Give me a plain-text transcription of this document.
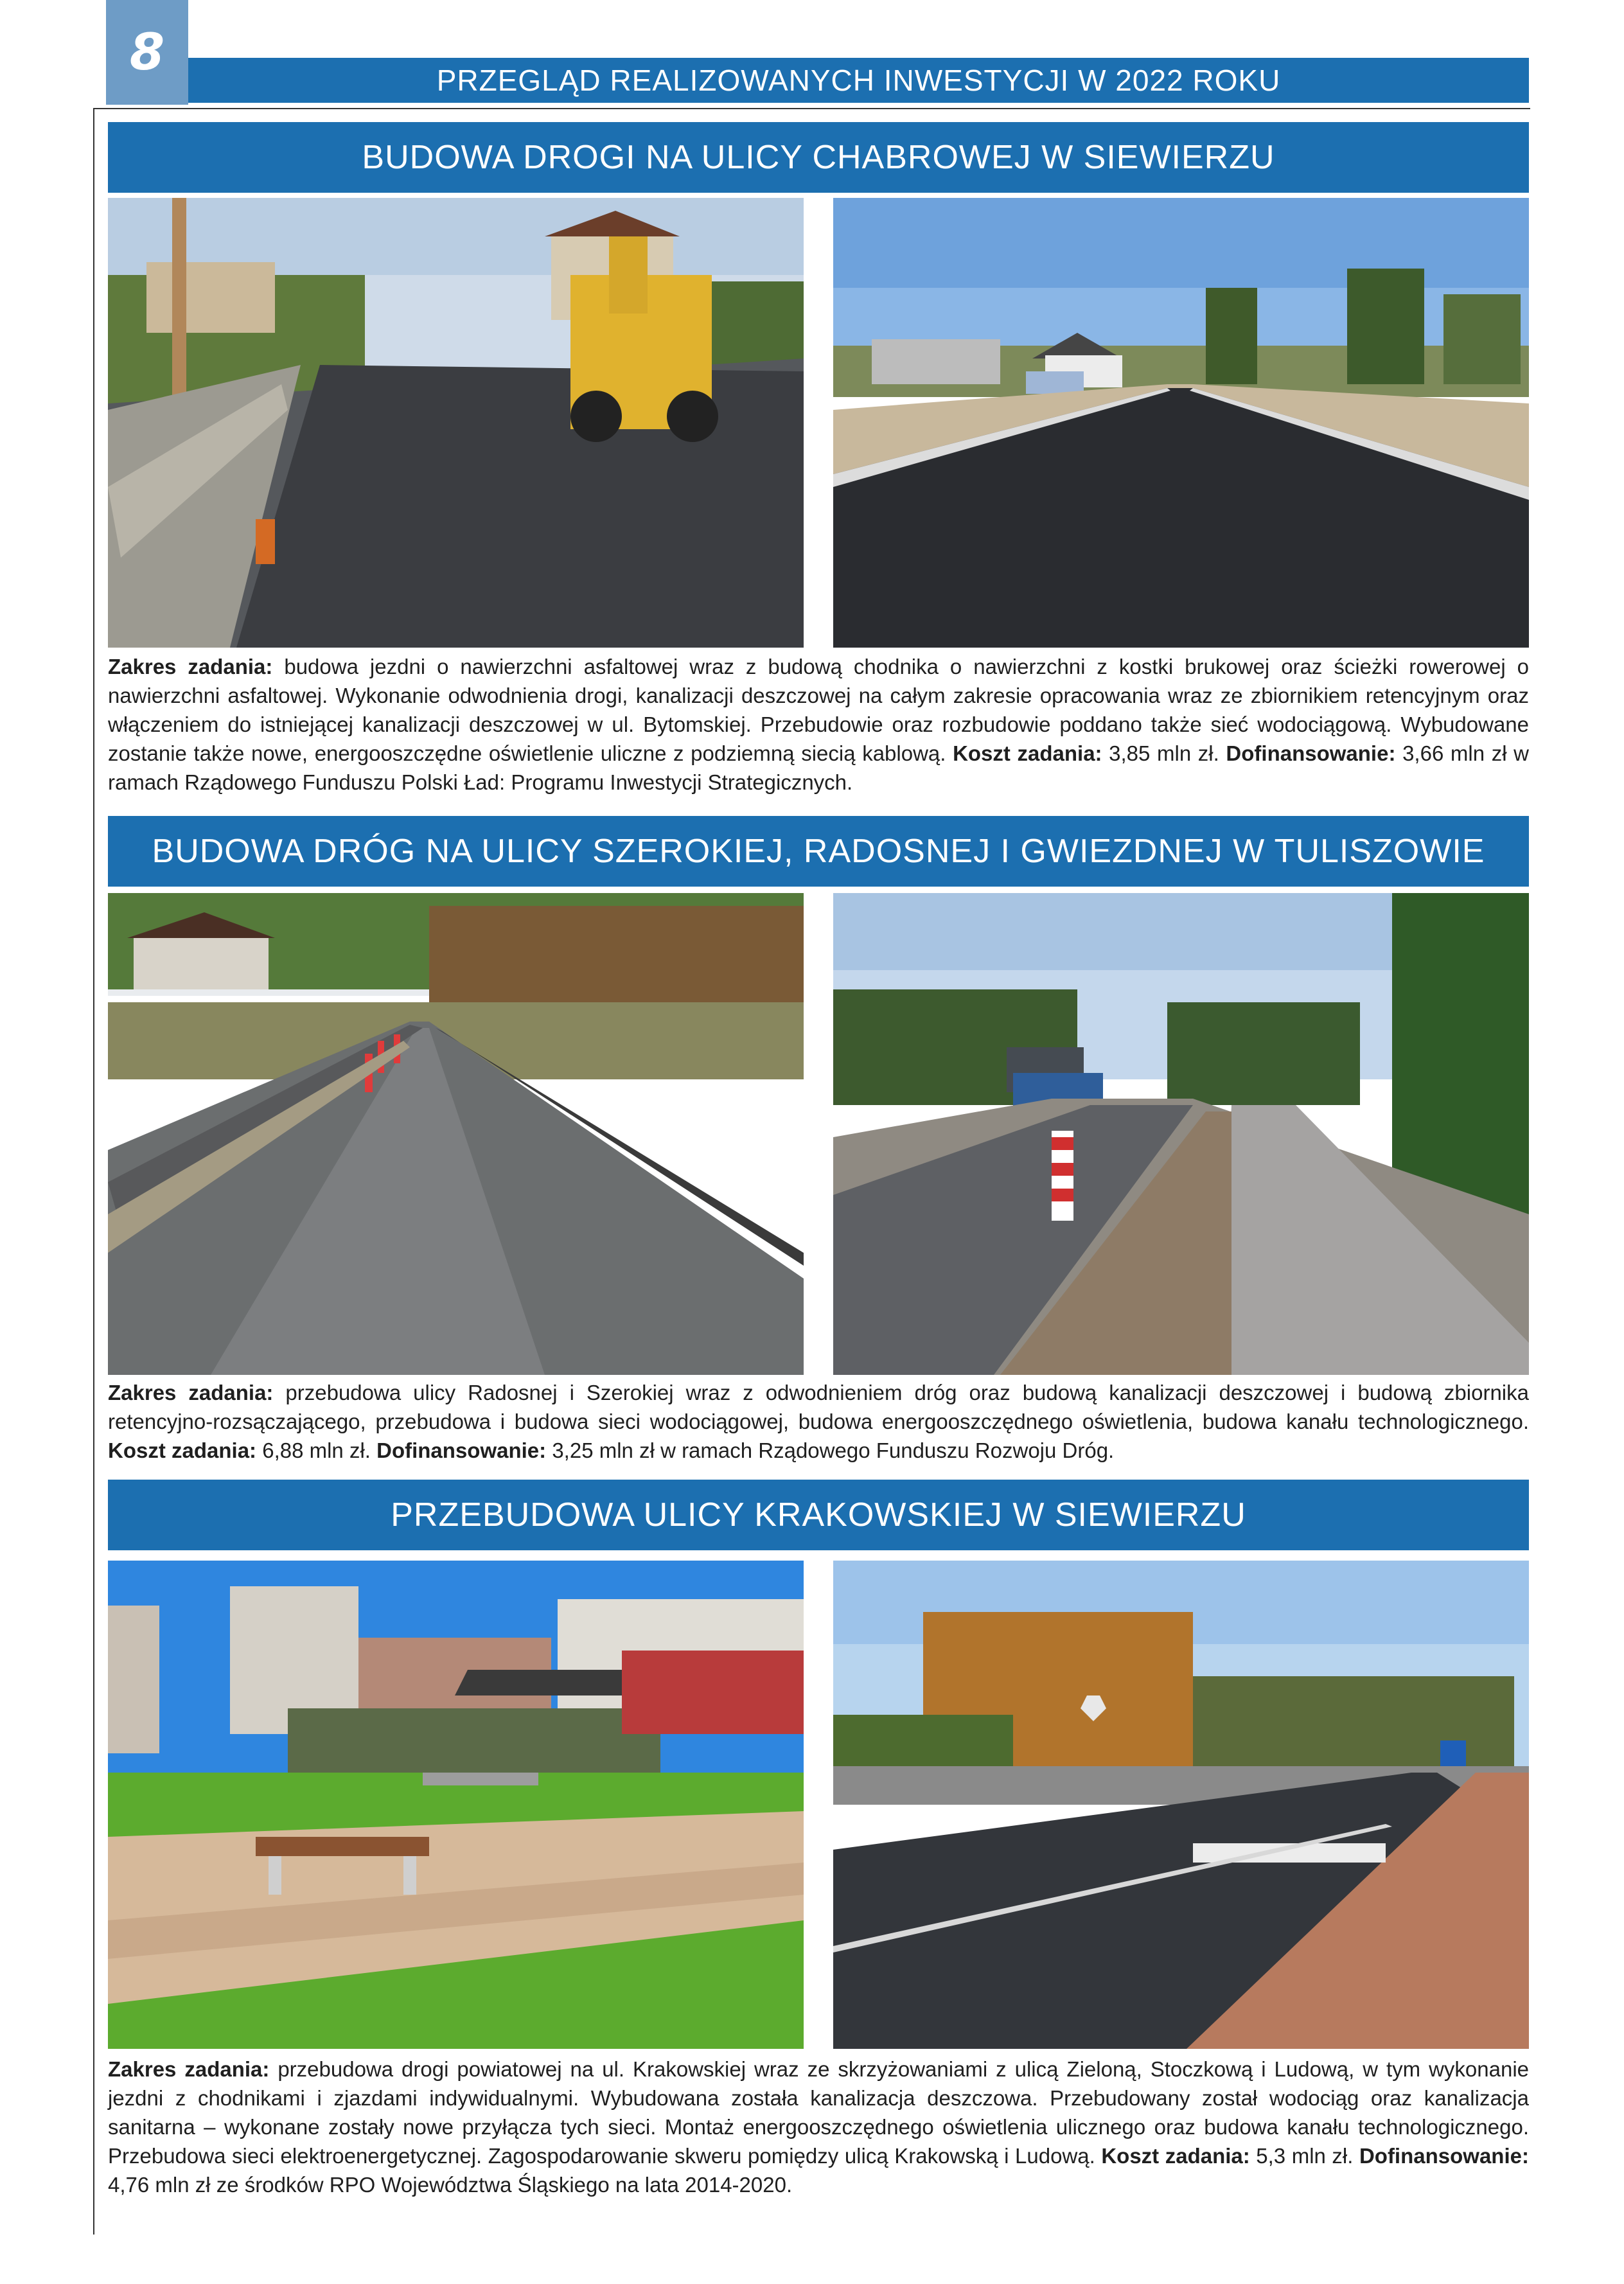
8	PRZEGLĄD REALIZOWANYCH INWESTYCJI W 2022 ROKU
BUDOWA DROGI NA ULICY CHABROWEJ W SIEWIERZU
Zakres zadania: budowa jezdni o nawierzchni asfaltowej wraz z budową chodnika o nawierzchni z kostki brukowej oraz ścieżki rowerowej o nawierzchni asfaltowej. Wykonanie odwodnienia drogi, kanalizacji deszczowej na całym zakresie opracowania wraz ze zbiornikiem retencyjnym oraz włączeniem do istniejącej kanalizacji deszczowej w ul. Bytomskiej. Przebudowie oraz rozbudowie poddano także sieć wodociągową. Wybudowane zostanie także nowe, energooszczędne oświetlenie uliczne z podziemną siecią kablową. Koszt zadania: 3,85 mln zł. Dofinansowanie: 3,66 mln zł w ramach Rządowego Funduszu Polski Ład: Programu Inwestycji Strategicznych.
BUDOWA DRÓG NA ULICY SZEROKIEJ, RADOSNEJ I GWIEZDNEJ W TULISZOWIE
Zakres zadania: przebudowa ulicy Radosnej i Szerokiej wraz z odwodnieniem dróg oraz budową kanalizacji deszczowej i budową zbiornika retencyjno-rozsączającego, przebudowa i budowa sieci wodociągowej, budowa energooszczędnego oświetlenia, budowa kanału technologicznego. Koszt zadania: 6,88 mln zł. Dofinansowanie: 3,25 mln zł w ramach Rządowego Funduszu Rozwoju Dróg.
PRZEBUDOWA ULICY KRAKOWSKIEJ W SIEWIERZU
Zakres zadania: przebudowa drogi powiatowej na ul. Krakowskiej wraz ze skrzyżowaniami z ulicą Zieloną, Stoczkową i Ludową, w tym wykonanie jezdni z chodnikami i zjazdami indywidualnymi. Wybudowana została kanalizacja deszczowa. Przebudowany został wodociąg oraz kanalizacja sanitarna – wykonane zostały nowe przyłącza tych sieci. Montaż energooszczędnego oświetlenia ulicznego oraz budowa kanału technologicznego. Przebudowa sieci elektroenergetycznej. Zagospodarowanie skweru pomiędzy ulicą Krakowską i Ludową. Koszt zadania: 5,3 mln zł. Dofinansowanie: 4,76 mln zł ze środków RPO Województwa Śląskiego na lata 2014-2020.
